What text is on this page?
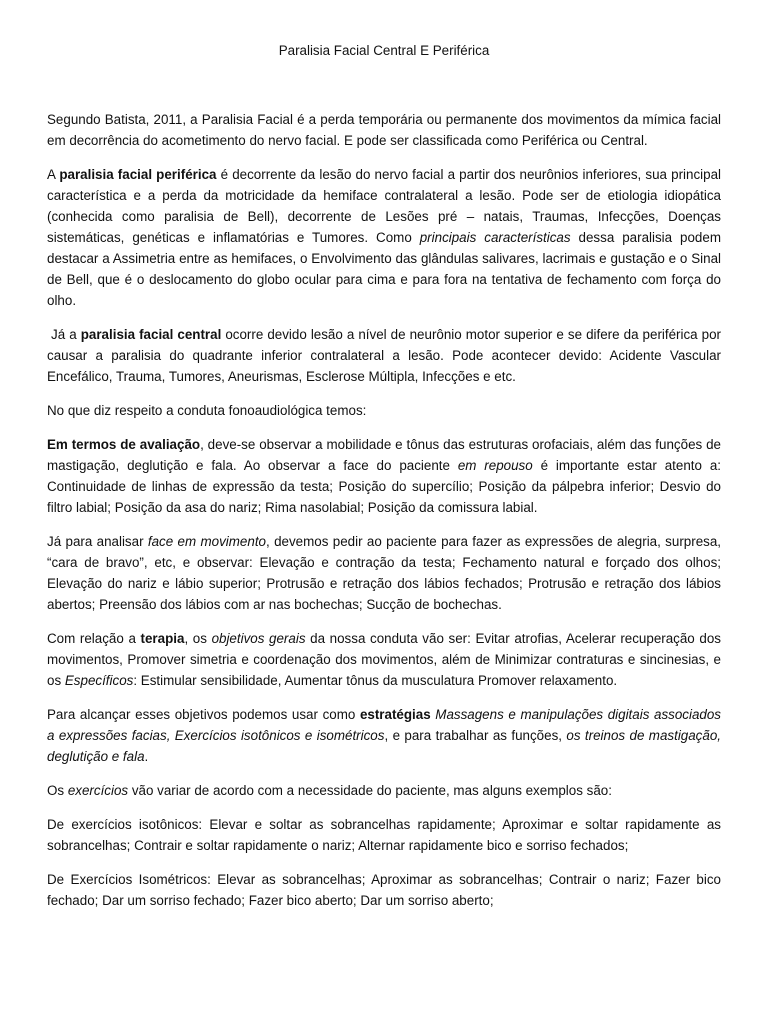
Paralisia Facial Central E Periférica

Segundo Batista, 2011, a Paralisia Facial é a perda temporária ou permanente dos movimentos da mímica facial em decorrência do acometimento do nervo facial. E pode ser classificada como Periférica ou Central.

A paralisia facial periférica é decorrente da lesão do nervo facial a partir dos neurônios inferiores, sua principal característica e a perda da motricidade da hemiface contralateral a lesão. Pode ser de etiologia idiopática (conhecida como paralisia de Bell), decorrente de Lesões pré – natais, Traumas, Infecções, Doenças sistemáticas, genéticas e inflamatórias e Tumores. Como principais características dessa paralisia podem destacar a Assimetria entre as hemifaces, o Envolvimento das glândulas salivares, lacrimais e gustação e o Sinal de Bell, que é o deslocamento do globo ocular para cima e para fora na tentativa de fechamento com força do olho.

Já a paralisia facial central ocorre devido lesão a nível de neurônio motor superior e se difere da periférica por causar a paralisia do quadrante inferior contralateral a lesão. Pode acontecer devido: Acidente Vascular Encefálico, Trauma, Tumores, Aneurismas, Esclerose Múltipla, Infecções e etc.

No que diz respeito a conduta fonoaudiológica temos:

Em termos de avaliação, deve-se observar a mobilidade e tônus das estruturas orofaciais, além das funções de mastigação, deglutição e fala. Ao observar a face do paciente em repouso é importante estar atento a: Continuidade de linhas de expressão da testa; Posição do supercílio; Posição da pálpebra inferior; Desvio do filtro labial; Posição da asa do nariz; Rima nasolabial; Posição da comissura labial.

Já para analisar face em movimento, devemos pedir ao paciente para fazer as expressões de alegria, surpresa, “cara de bravo”, etc, e observar: Elevação e contração da testa; Fechamento natural e forçado dos olhos; Elevação do nariz e lábio superior; Protrusão e retração dos lábios fechados; Protrusão e retração dos lábios abertos; Preensão dos lábios com ar nas bochechas; Sucção de bochechas.

Com relação a terapia, os objetivos gerais da nossa conduta vão ser: Evitar atrofias, Acelerar recuperação dos movimentos, Promover simetria e coordenação dos movimentos, além de Minimizar contraturas e sincinesias, e os Específicos: Estimular sensibilidade, Aumentar tônus da musculatura Promover relaxamento.

Para alcançar esses objetivos podemos usar como estratégias Massagens e manipulações digitais associados a expressões facias, Exercícios isotônicos e isométricos, e para trabalhar as funções, os treinos de mastigação, deglutição e fala.

Os exercícios vão variar de acordo com a necessidade do paciente, mas alguns exemplos são:

De exercícios isotônicos: Elevar e soltar as sobrancelhas rapidamente; Aproximar e soltar rapidamente as sobrancelhas; Contrair e soltar rapidamente o nariz; Alternar rapidamente bico e sorriso fechados;

De Exercícios Isométricos: Elevar as sobrancelhas; Aproximar as sobrancelhas; Contrair o nariz; Fazer bico fechado; Dar um sorriso fechado; Fazer bico aberto; Dar um sorriso aberto;
